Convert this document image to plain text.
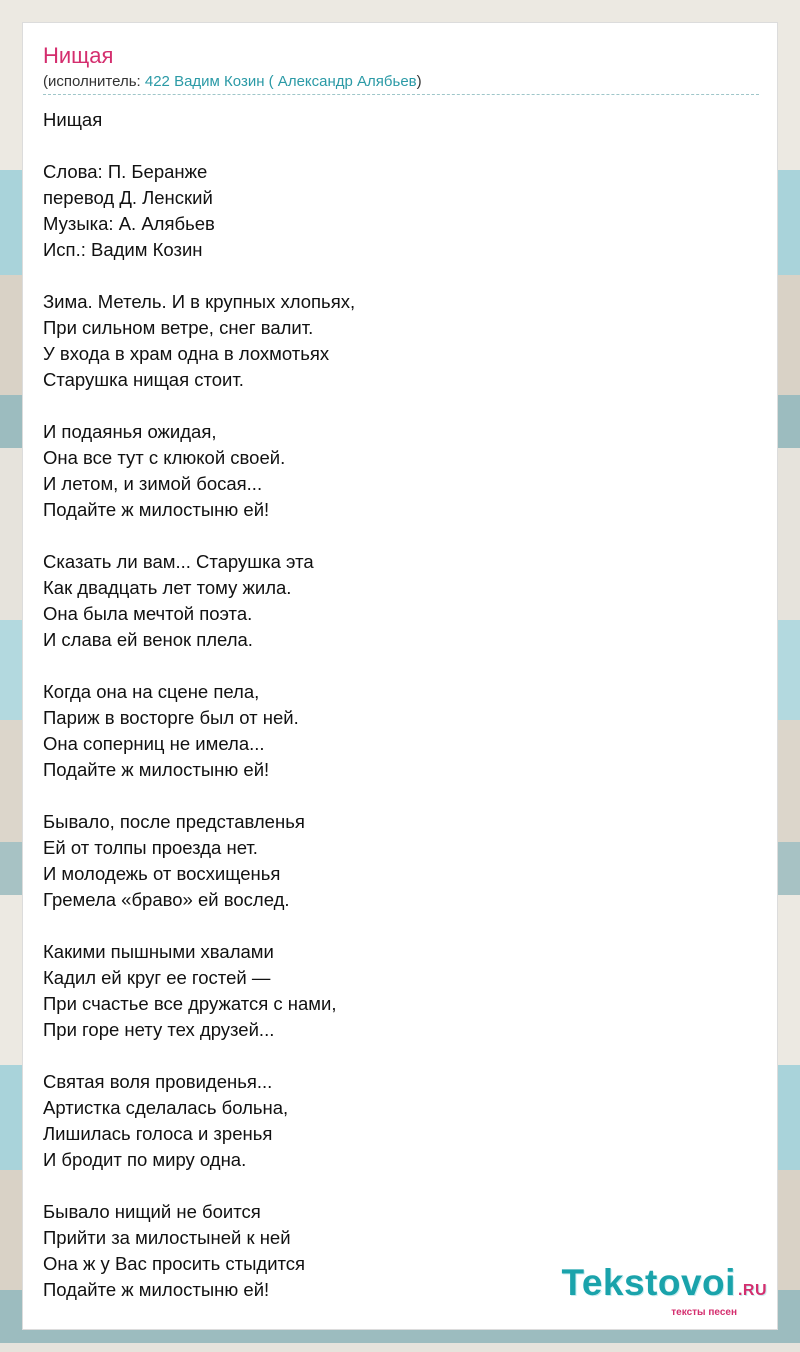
Нищая
(исполнитель: 422 Вадим Козин ( Александр Алябьев)
Нищая
Слова: П. Беранже
перевод Д. Ленский
Музыка: А. Алябьев
Исп.: Вадим Козин
Зима. Метель. И в крупных хлопьях,
При сильном ветре, снег валит.
У входа в храм одна в лохмотьях
Старушка нищая стоит.
И подаянья ожидая,
Она все тут с клюкой своей.
И летом, и зимой босая...
Подайте ж милостыню ей!
Сказать ли вам... Старушка эта
Как двадцать лет тому жила.
Она была мечтой поэта.
И слава ей венок плела.
Когда она на сцене пела,
Париж в восторге был от ней.
Она соперниц не имела...
Подайте ж милостыню ей!
Бывало, после представленья
Ей от толпы проезда нет.
И молодежь от восхищенья
Гремела «браво» ей вослед.
Какими пышными хвалами
Кадил ей круг ее гостей —
При счастье все дружатся с нами,
При горе нету тех друзей...
Святая воля провиденья...
Артистка сделалась больна,
Лишилась голоса и зренья
И бродит по миру одна.
Бывало нищий не боится
Прийти за милостыней к ней
Она ж у Вас просить стыдится
Подайте ж милостыню ей!	Tekstovoi .RU
тексты песен
